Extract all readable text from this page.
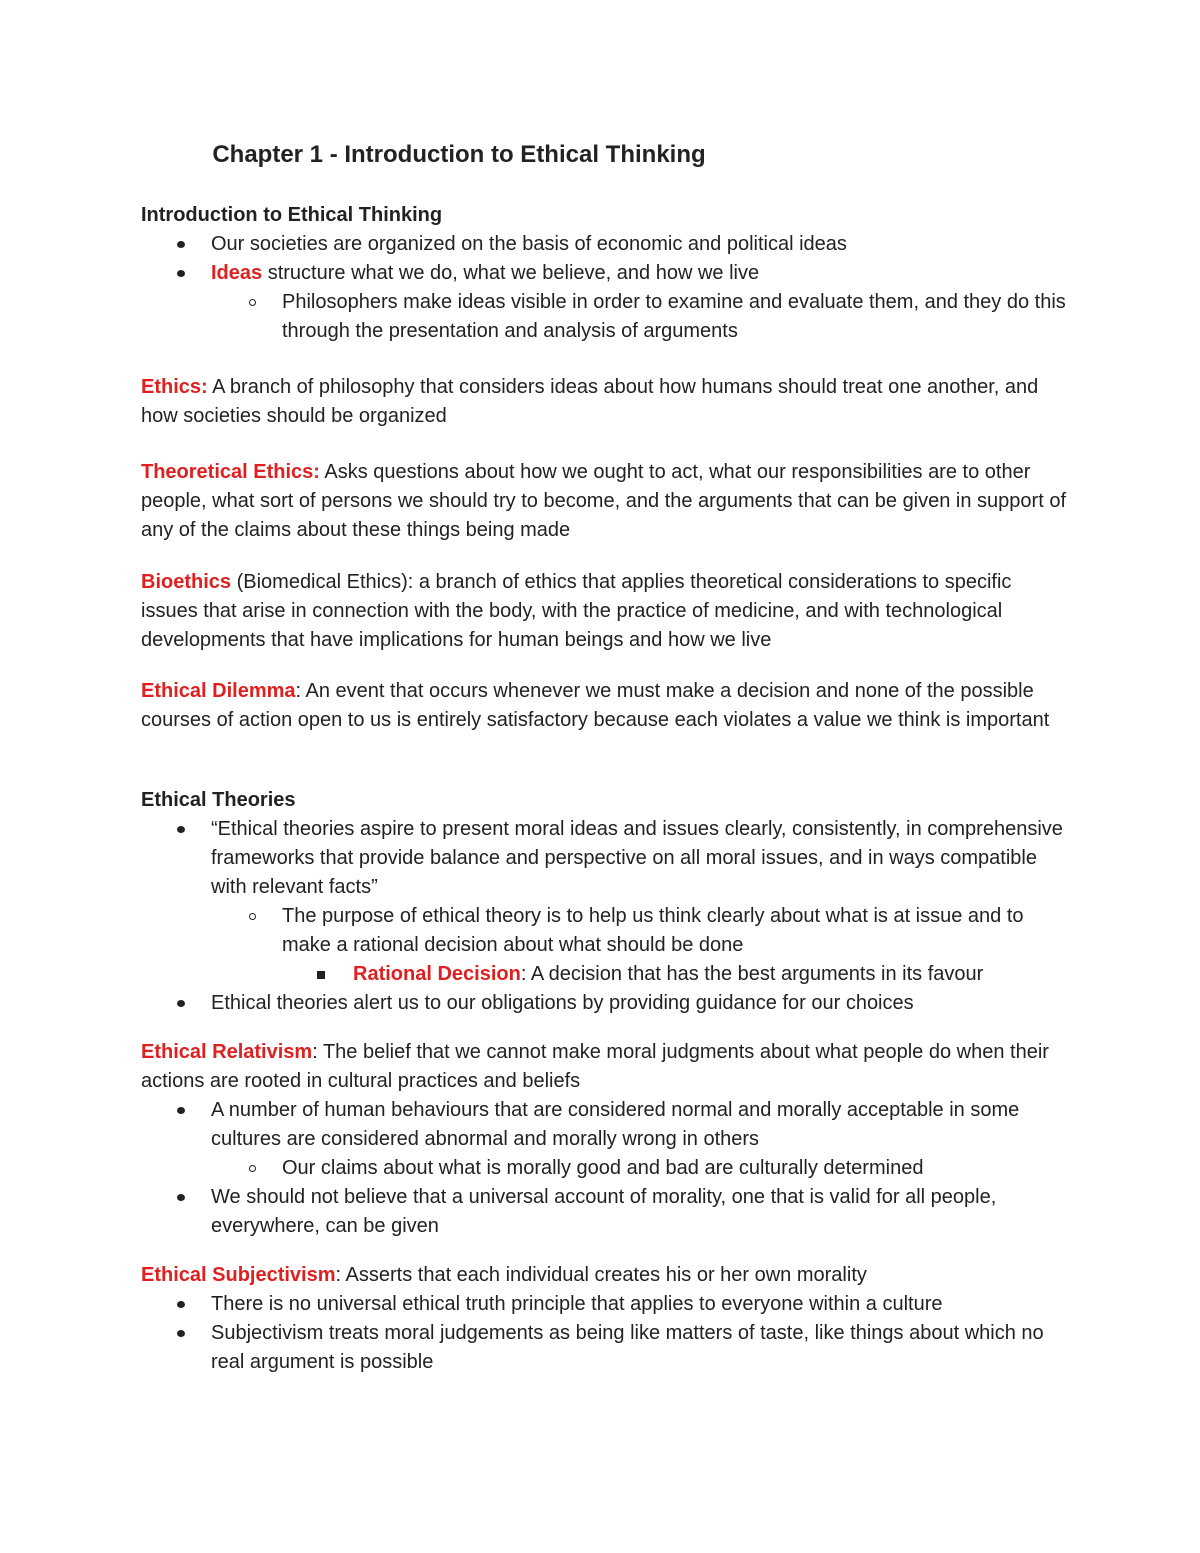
Chapter 1 - Introduction to Ethical Thinking
Introduction to Ethical Thinking
Our societies are organized on the basis of economic and political ideas
Ideas structure what we do, what we believe, and how we live
Philosophers make ideas visible in order to examine and evaluate them, and they do this through the presentation and analysis of arguments
Ethics: A branch of philosophy that considers ideas about how humans should treat one another, and how societies should be organized
Theoretical Ethics: Asks questions about how we ought to act, what our responsibilities are to other people, what sort of persons we should try to become, and the arguments that can be given in support of any of the claims about these things being made
Bioethics (Biomedical Ethics): a branch of ethics that applies theoretical considerations to specific issues that arise in connection with the body, with the practice of medicine, and with technological developments that have implications for human beings and how we live
Ethical Dilemma: An event that occurs whenever we must make a decision and none of the possible courses of action open to us is entirely satisfactory because each violates a value we think is important
Ethical Theories
“Ethical theories aspire to present moral ideas and issues clearly, consistently, in comprehensive frameworks that provide balance and perspective on all moral issues, and in ways compatible with relevant facts”
The purpose of ethical theory is to help us think clearly about what is at issue and to make a rational decision about what should be done
Rational Decision: A decision that has the best arguments in its favour
Ethical theories alert us to our obligations by providing guidance for our choices
Ethical Relativism: The belief that we cannot make moral judgments about what people do when their actions are rooted in cultural practices and beliefs
A number of human behaviours that are considered normal and morally acceptable in some cultures are considered abnormal and morally wrong in others
Our claims about what is morally good and bad are culturally determined
We should not believe that a universal account of morality, one that is valid for all people, everywhere, can be given
Ethical Subjectivism: Asserts that each individual creates his or her own morality
There is no universal ethical truth principle that applies to everyone within a culture
Subjectivism treats moral judgements as being like matters of taste, like things about which no real argument is possible
